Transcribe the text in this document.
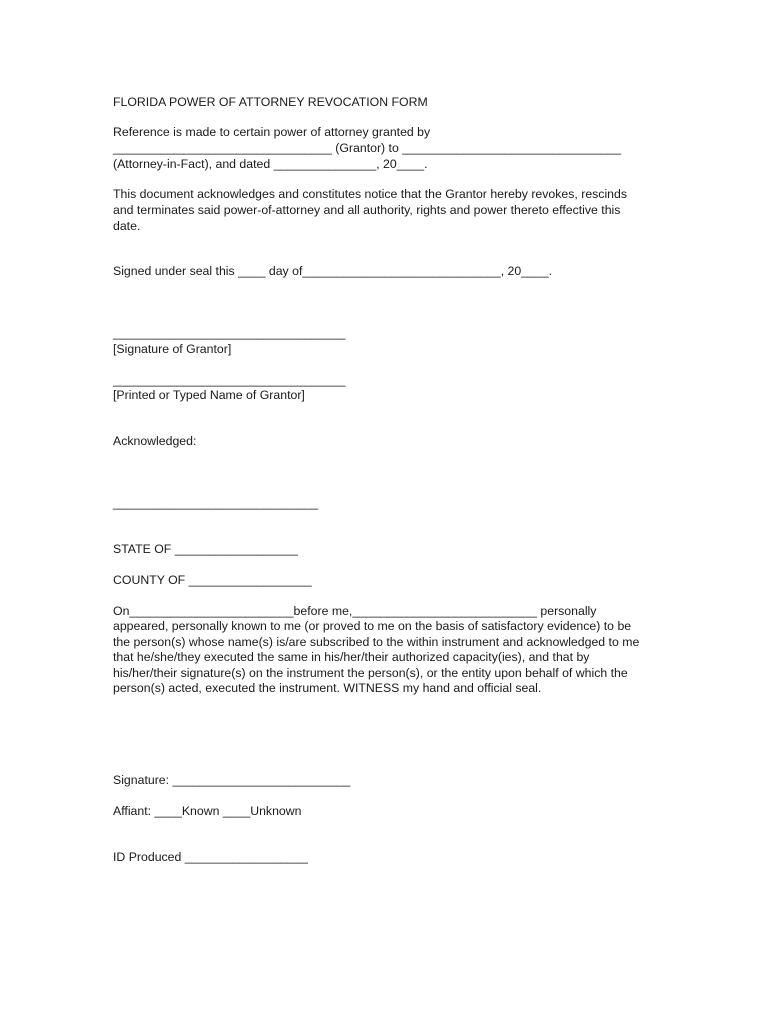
FLORIDA POWER OF ATTORNEY REVOCATION FORM
Reference is made to certain power of attorney granted by
________________________________ (Grantor) to ________________________________
(Attorney-in-Fact), and dated _______________, 20____.
This document acknowledges and constitutes notice that the Grantor hereby revokes, rescinds
and terminates said power-of-attorney and all authority, rights and power thereto effective this
date.
Signed under seal this ____ day of_____________________________, 20____.
__________________________________
[Signature of Grantor]
__________________________________
[Printed or Typed Name of Grantor]
Acknowledged:
______________________________
STATE OF __________________
COUNTY OF __________________
On________________________before me,___________________________ personally
appeared, personally known to me (or proved to me on the basis of satisfactory evidence) to be
the person(s) whose name(s) is/are subscribed to the within instrument and acknowledged to me
that he/she/they executed the same in his/her/their authorized capacity(ies), and that by
his/her/their signature(s) on the instrument the person(s), or the entity upon behalf of which the
person(s) acted, executed the instrument. WITNESS my hand and official seal.
Signature: __________________________
Affiant: ____Known ____Unknown
ID Produced __________________
